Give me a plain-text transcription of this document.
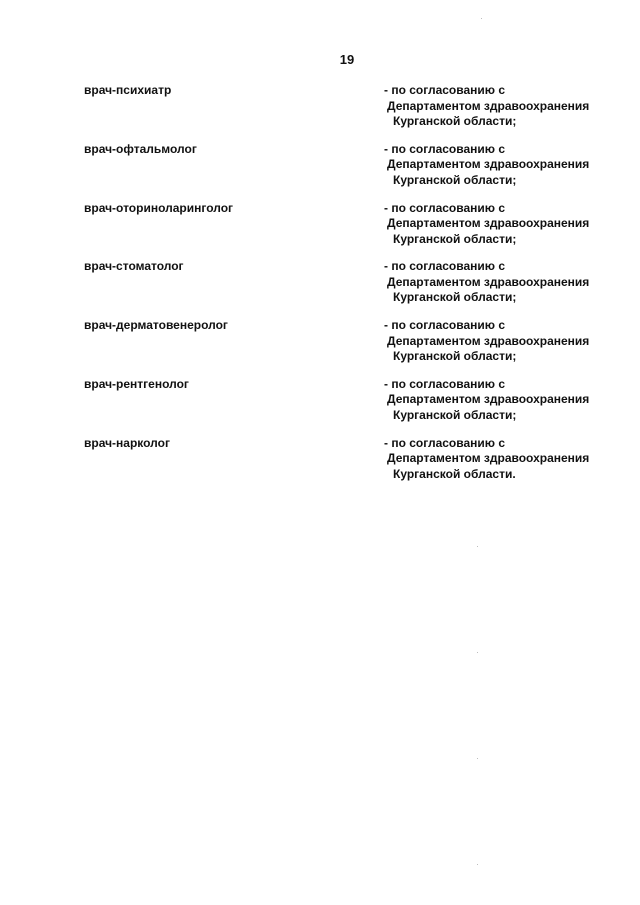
19
врач-психиатр	- по согласованию с
Департаментом здравоохранения
Курганской области;
врач-офтальмолог	- по согласованию с
Департаментом здравоохранения
Курганской области;
врач-оториноларинголог	- по согласованию с
Департаментом здравоохранения
Курганской области;
врач-стоматолог	- по согласованию с
Департаментом здравоохранения
Курганской области;
врач-дерматовенеролог	- по согласованию с
Департаментом здравоохранения
Курганской области;
врач-рентгенолог	- по согласованию с
Департаментом здравоохранения
Курганской области;
врач-нарколог	- по согласованию с
Департаментом здравоохранения
Курганской области.
